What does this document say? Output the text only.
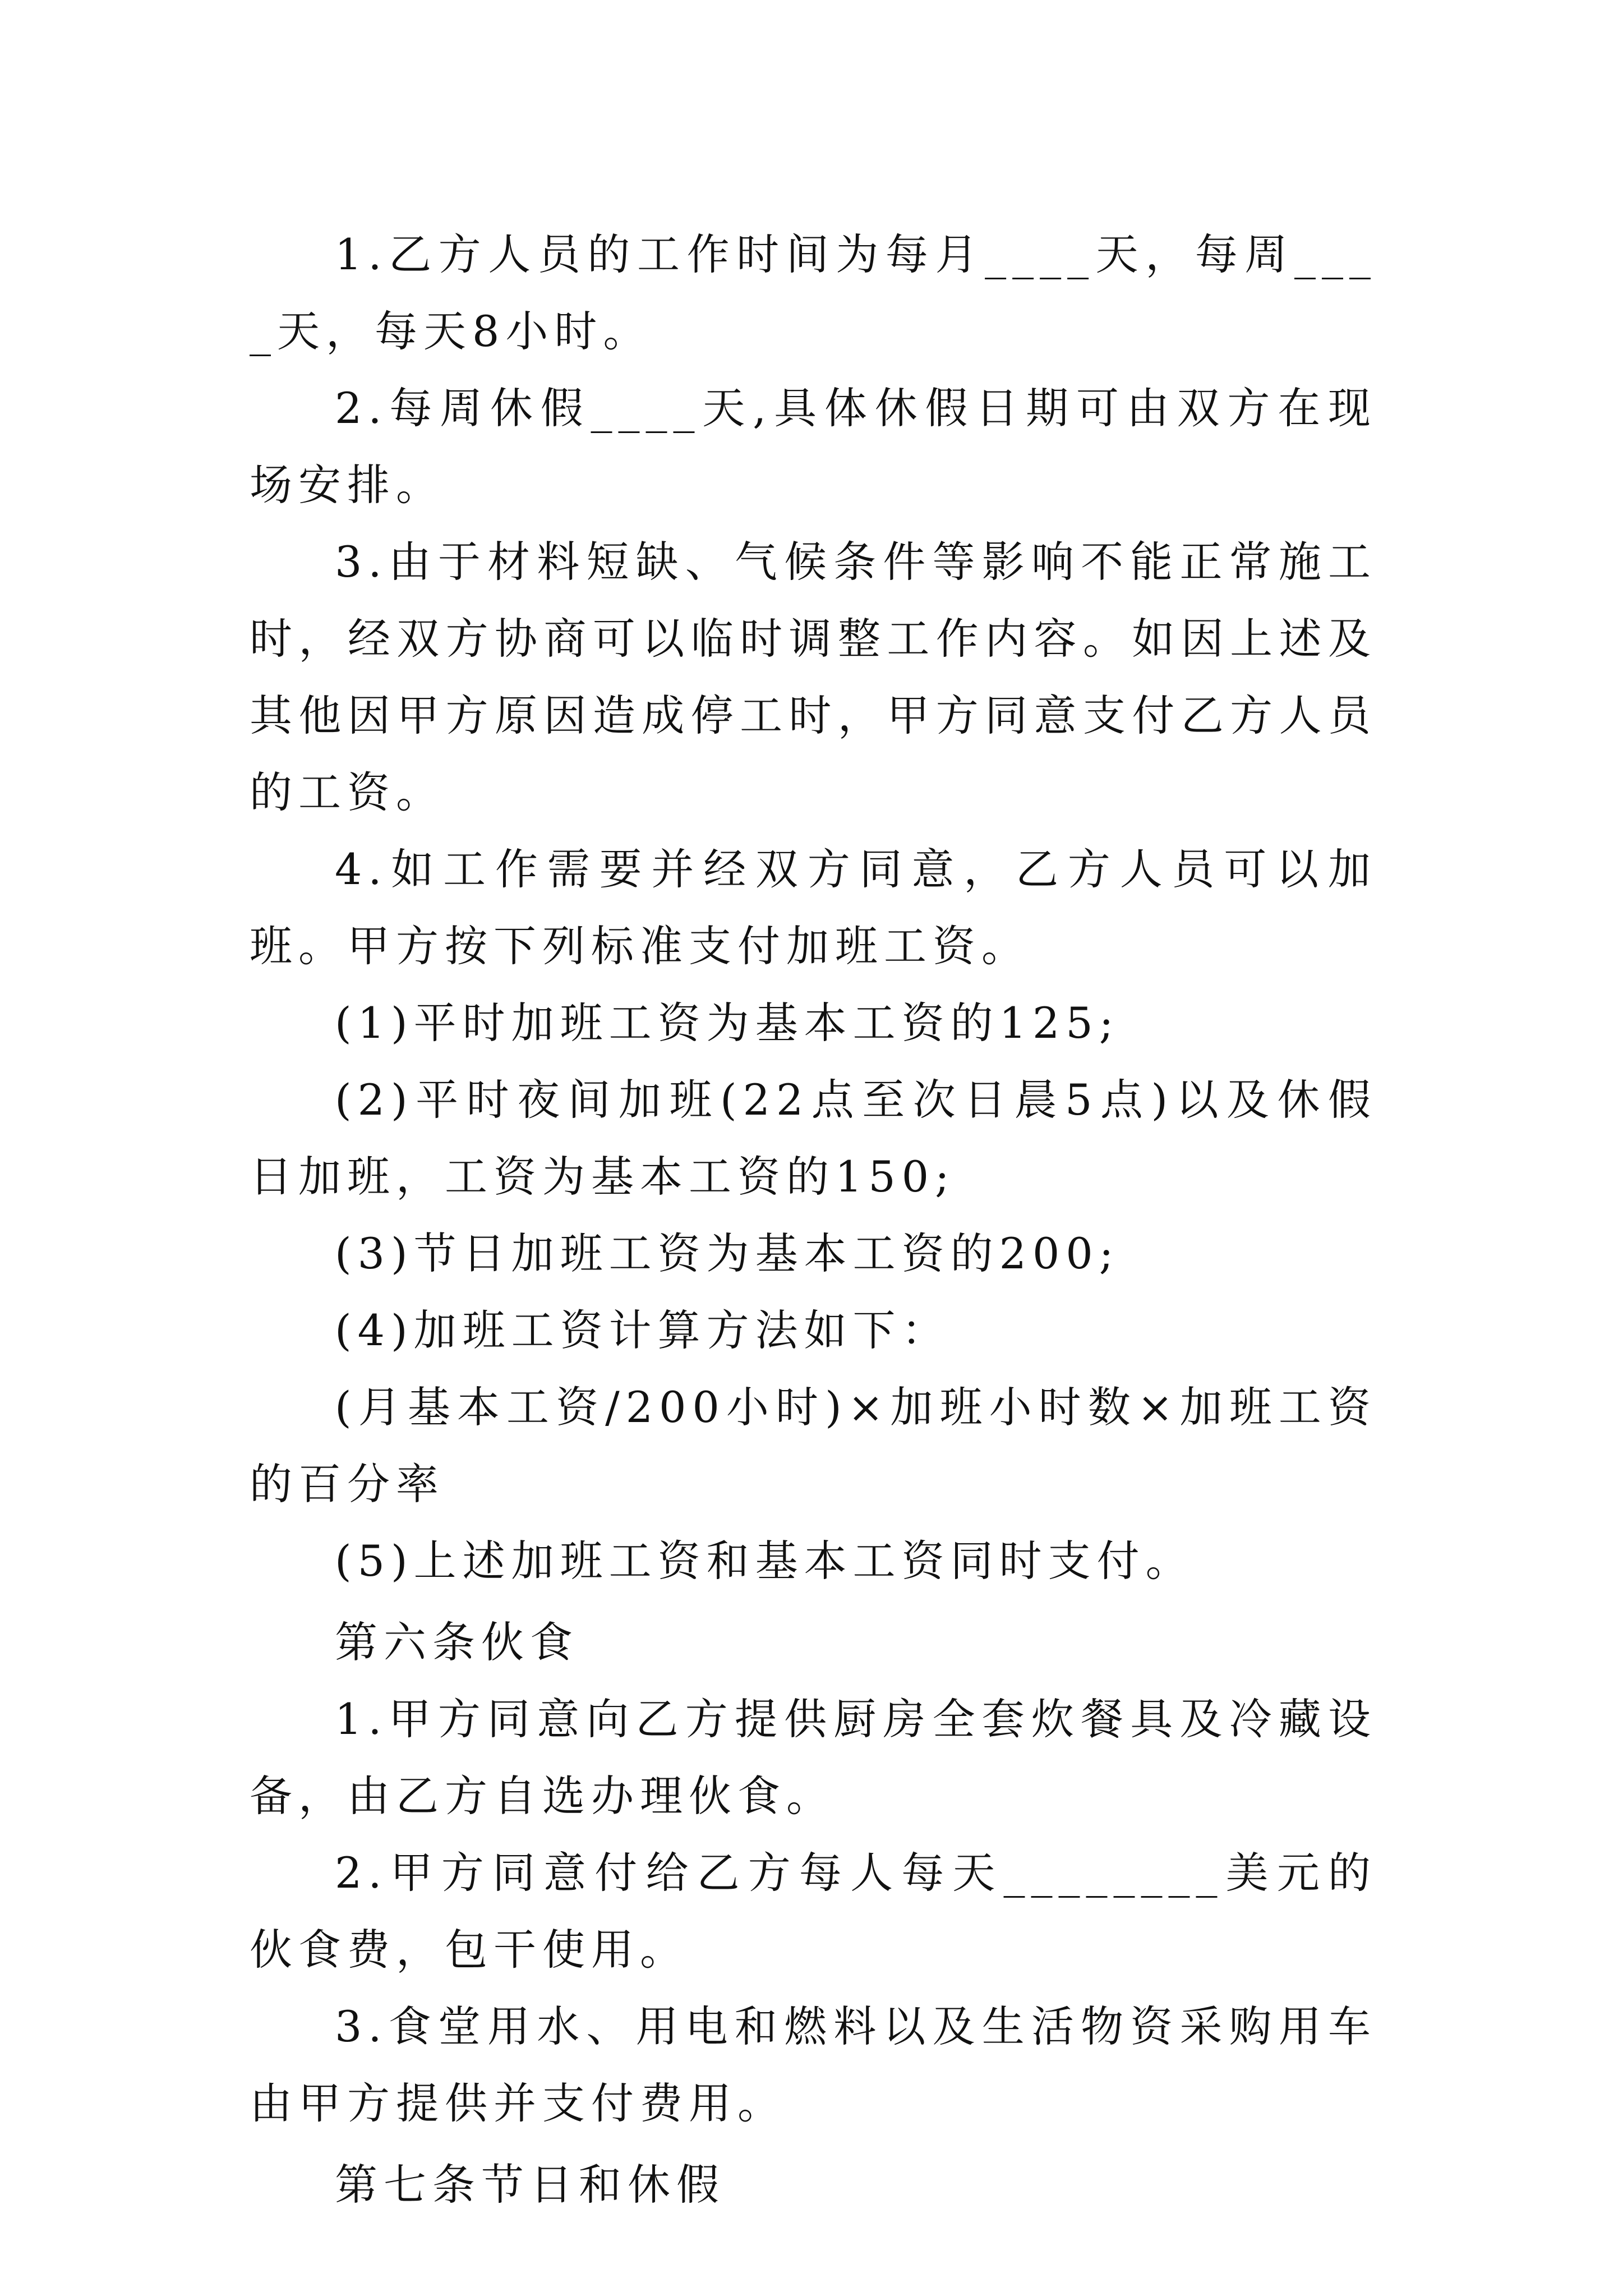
1.乙方人员的工作时间为每月____天，每周____天，每天8小时。

2.每周休假____天,具体休假日期可由双方在现场安排。

3.由于材料短缺、气候条件等影响不能正常施工时，经双方协商可以临时调整工作内容。如因上述及其他因甲方原因造成停工时，甲方同意支付乙方人员的工资。

4.如工作需要并经双方同意，乙方人员可以加班。甲方按下列标准支付加班工资。

(1)平时加班工资为基本工资的125;

(2)平时夜间加班(22点至次日晨5点)以及休假日加班，工资为基本工资的150;

(3)节日加班工资为基本工资的200;

(4)加班工资计算方法如下：

(月基本工资/200小时)×加班小时数×加班工资的百分率

(5)上述加班工资和基本工资同时支付。

第六条伙食

1.甲方同意向乙方提供厨房全套炊餐具及冷藏设备，由乙方自选办理伙食。

2.甲方同意付给乙方每人每天________美元的伙食费，包干使用。

3.食堂用水、用电和燃料以及生活物资采购用车由甲方提供并支付费用。

第七条节日和休假
